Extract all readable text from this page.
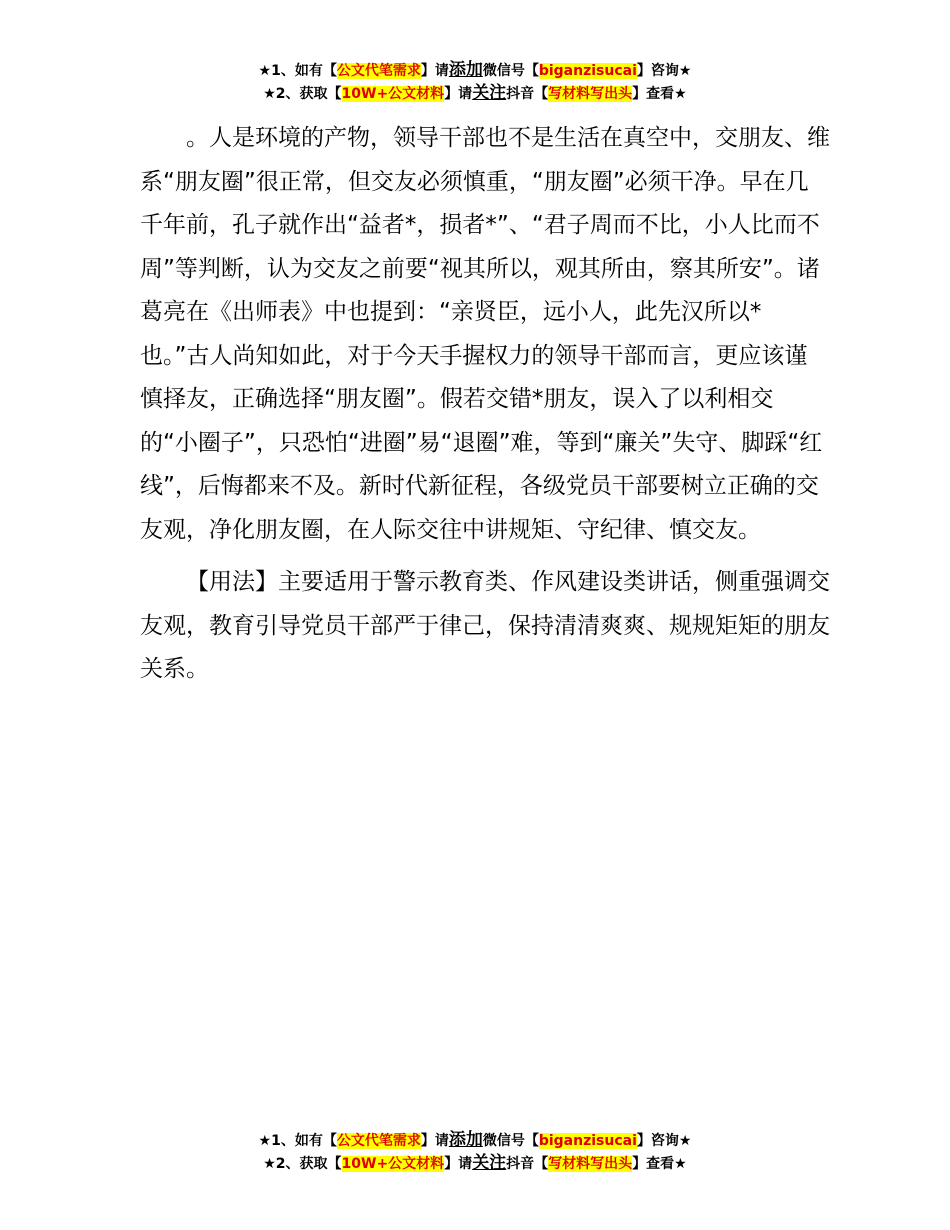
★1、如有【公文代笔需求】请添加微信号【biganzisucai】咨询★
★2、获取【10W+公文材料】请关注抖音【写材料写出头】查看★

。人是环境的产物，领导干部也不是生活在真空中，交朋友、维系“朋友圈”很正常，但交友必须慎重，“朋友圈”必须干净。早在几千年前，孔子就作出“益者*，损者*”、“君子周而不比，小人比而不周”等判断，认为交友之前要“视其所以，观其所由，察其所安”。诸葛亮在《出师表》中也提到：“亲贤臣，远小人，此先汉所以*也。”古人尚知如此，对于今天手握权力的领导干部而言，更应该谨慎择友，正确选择“朋友圈”。假若交错*朋友，误入了以利相交的“小圈子”，只恐怕“进圈”易“退圈”难，等到“廉关”失守、脚踩“红线”，后悔都来不及。新时代新征程，各级党员干部要树立正确的交友观，净化朋友圈，在人际交往中讲规矩、守纪律、慎交友。

【用法】主要适用于警示教育类、作风建设类讲话，侧重强调交友观，教育引导党员干部严于律己，保持清清爽爽、规规矩矩的朋友关系。

★1、如有【公文代笔需求】请添加微信号【biganzisucai】咨询★
★2、获取【10W+公文材料】请关注抖音【写材料写出头】查看★
